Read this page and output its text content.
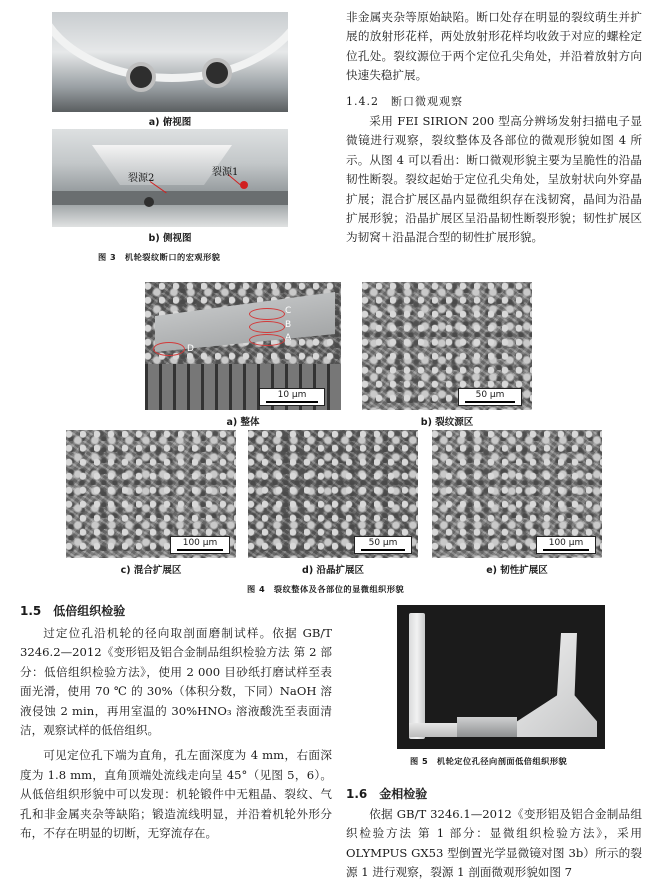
a) 俯视图
裂源2
裂源1
b) 侧视图
图 3　机轮裂纹断口的宏观形貌

非金属夹杂等原始缺陷。断口处存在明显的裂纹萌生并扩展的放射形花样，两处放射形花样均收敛于对应的螺栓定位孔处。裂纹源位于两个定位孔尖角处，并沿着放射方向快速失稳扩展。

1.4.2　断口微观观察

采用 FEI SIRION 200 型高分辨场发射扫描电子显微镜进行观察，裂纹整体及各部位的微观形貌如图 4 所示。从图 4 可以看出：断口微观形貌主要为呈脆性的沿晶韧性断裂。裂纹起始于定位孔尖角处，呈放射状向外穿晶扩展；混合扩展区晶内显微组织存在浅韧窝，晶间为沿晶扩展形貌；沿晶扩展区呈沿晶韧性断裂形貌；韧性扩展区为韧窝＋沿晶混合型的韧性扩展形貌。

C
B
A
D
10 μm
a) 整体
50 μm
b) 裂纹源区
100 μm
c) 混合扩展区
50 μm
d) 沿晶扩展区
100 μm
e) 韧性扩展区
图 4　裂纹整体及各部位的显微组织形貌
1.5　低倍组织检验

过定位孔沿机轮的径向取剖面磨制试样。依据 GB/T 3246.2—2012《变形铝及铝合金制品组织检验方法 第 2 部分：低倍组织检验方法》，使用 2 000 目砂纸打磨试样至表面光滑，使用 70 ℃ 的 30%（体积分数，下同）NaOH 溶液侵蚀 2 min，再用室温的 30%HNO₃ 溶液酸洗至表面清洁，观察试样的低倍组织。

可见定位孔下端为直角，孔左面深度为 4 mm，右面深度为 1.8 mm，直角顶端处流线走向呈 45°（见图 5，6）。从低倍组织形貌中可以发现：机轮锻件中无粗晶、裂纹、气孔和非金属夹杂等缺陷；锻造流线明显，并沿着机轮外形分布，不存在明显的切断，无穿流存在。

图 5　机轮定位孔径向剖面低倍组织形貌
1.6　金相检验

依据 GB/T 3246.1—2012《变形铝及铝合金制品组织检验方法 第 1 部分：显微组织检验方法》，采用 OLYMPUS GX53 型倒置光学显微镜对图 3b）所示的裂源 1 进行观察，裂源 1 剖面微观形貌如图 7
